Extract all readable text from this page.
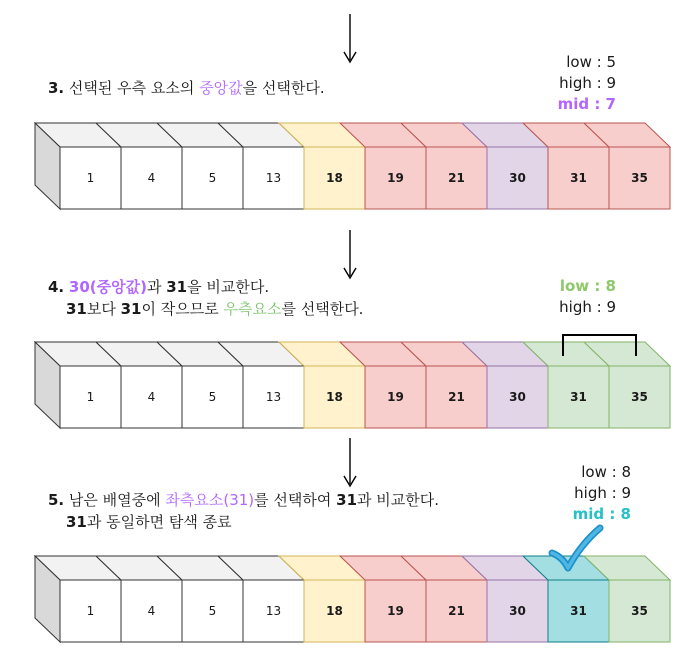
1	4	5	13	18	19	21	30	31	35
1	4	5	13	18	19	21	30	31	35
1	4	5	13	18	19	21	30	31	35
3. 선택된 우측 요소의 중앙값을 선택한다.
low : 5
high : 9
mid : 7
4. 30(중앙값)과 31을 비교한다.
31보다 31이 작으므로 우측요소를 선택한다.
low : 8
high : 9
5. 남은 배열중에 좌측요소(31)를 선택하여 31과 비교한다.
31과 동일하면 탐색 종료
low : 8
high : 9
mid : 8
